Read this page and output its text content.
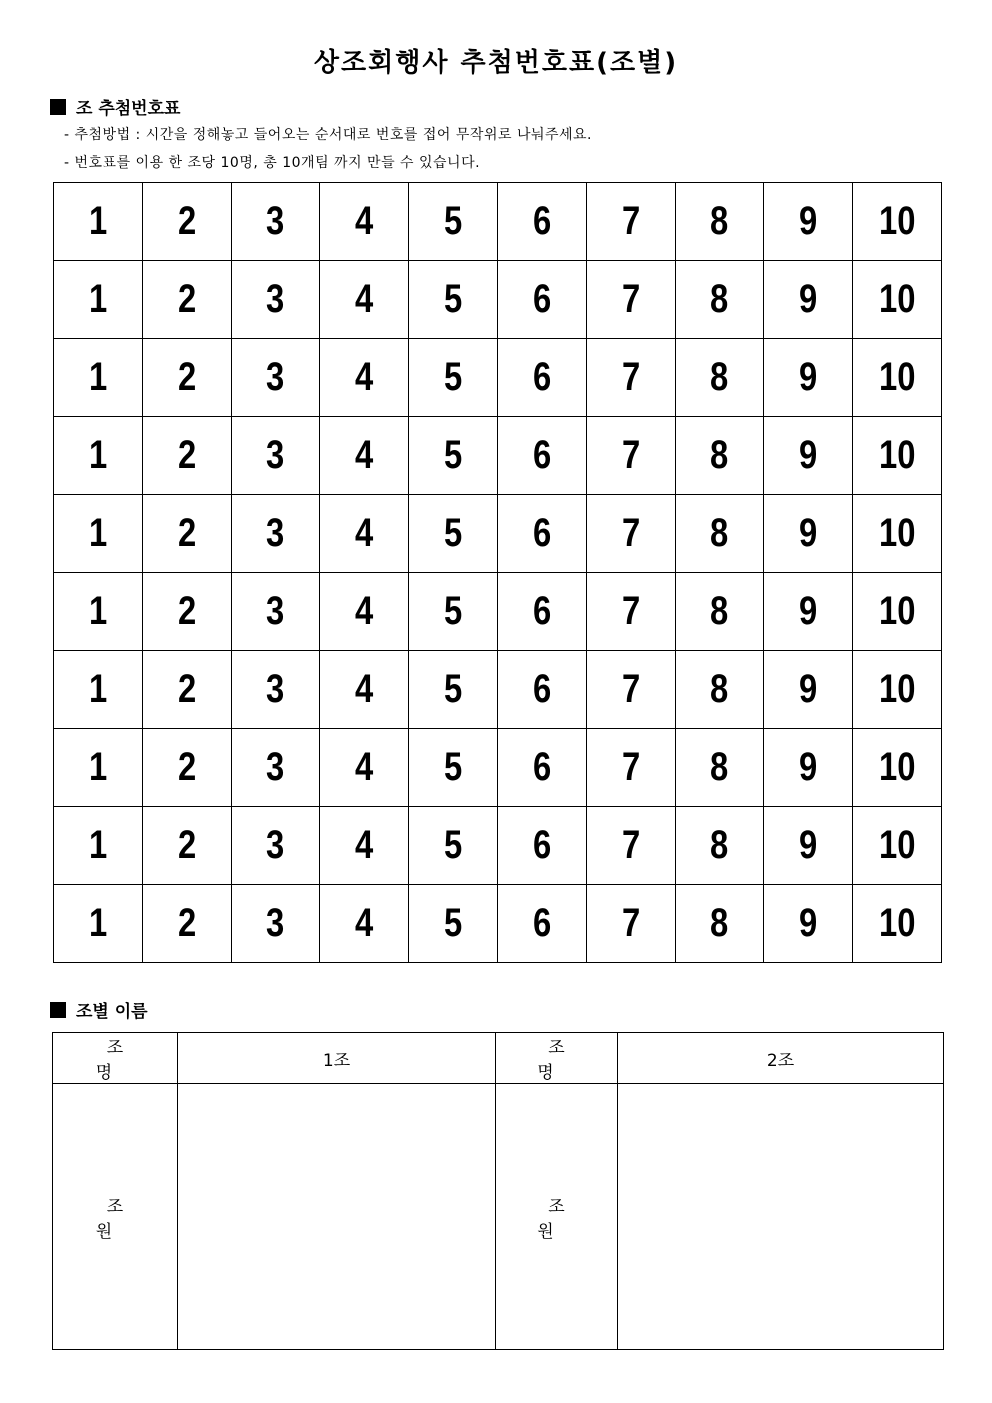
상조회행사 추첨번호표(조별)
조 추첨번호표
- 추첨방법 : 시간을 정해놓고 들어오는 순서대로 번호를 접어 무작위로 나눠주세요.
- 번호표를 이용 한 조당 10명, 총 10개팀 까지 만들 수 있습니다.
1	2	3	4	5	6	7	8	9	10
1	2	3	4	5	6	7	8	9	10
1	2	3	4	5	6	7	8	9	10
1	2	3	4	5	6	7	8	9	10
1	2	3	4	5	6	7	8	9	10
1	2	3	4	5	6	7	8	9	10
1	2	3	4	5	6	7	8	9	10
1	2	3	4	5	6	7	8	9	10
1	2	3	4	5	6	7	8	9	10
1	2	3	4	5	6	7	8	9	10
조별 이름
조 명	1조	조 명	2조
조 원		조 원	
